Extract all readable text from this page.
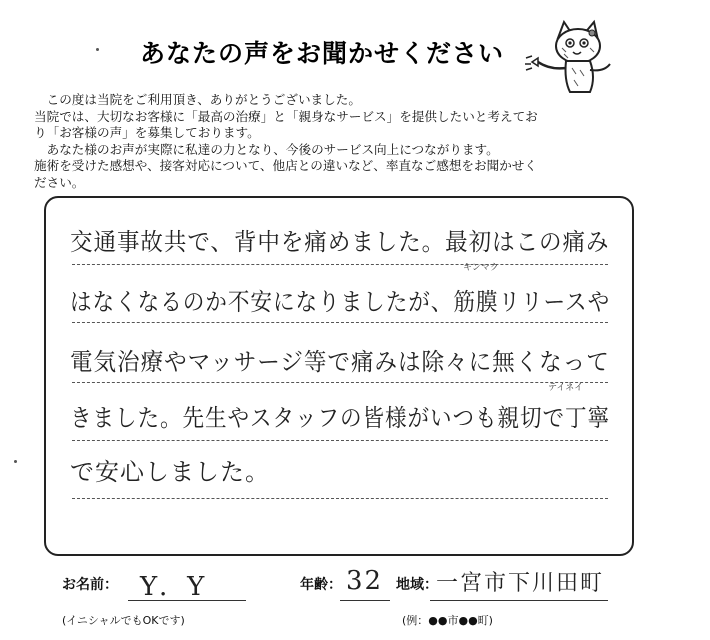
あなたの声をお聞かせください
　この度は当院をご利用頂き、ありがとうございました。
当院では、大切なお客様に「最高の治療」と「親身なサービス」を提供したいと考えてお
り「お客様の声」を募集しております。
　あなた様のお声が実際に私達の力となり、今後のサービス向上につながります。
施術を受けた感想や、接客対応について、他店との違いなど、率直なご感想をお聞かせく
ださい。
キンマク
テイネイ
交通事故共で、背中を痛めました。最初はこの痛み
はなくなるのか不安になりましたが、筋膜リリースや
電気治療やマッサージ等で痛みは除々に無くなって
きました。先生やスタッフの皆様がいつも親切で丁寧
で安心しました。
お名前： Y．Y
(イニシャルでもOKです)
年齢： 32 地域：
一宮市下川田町
(例：●●市●●町)
